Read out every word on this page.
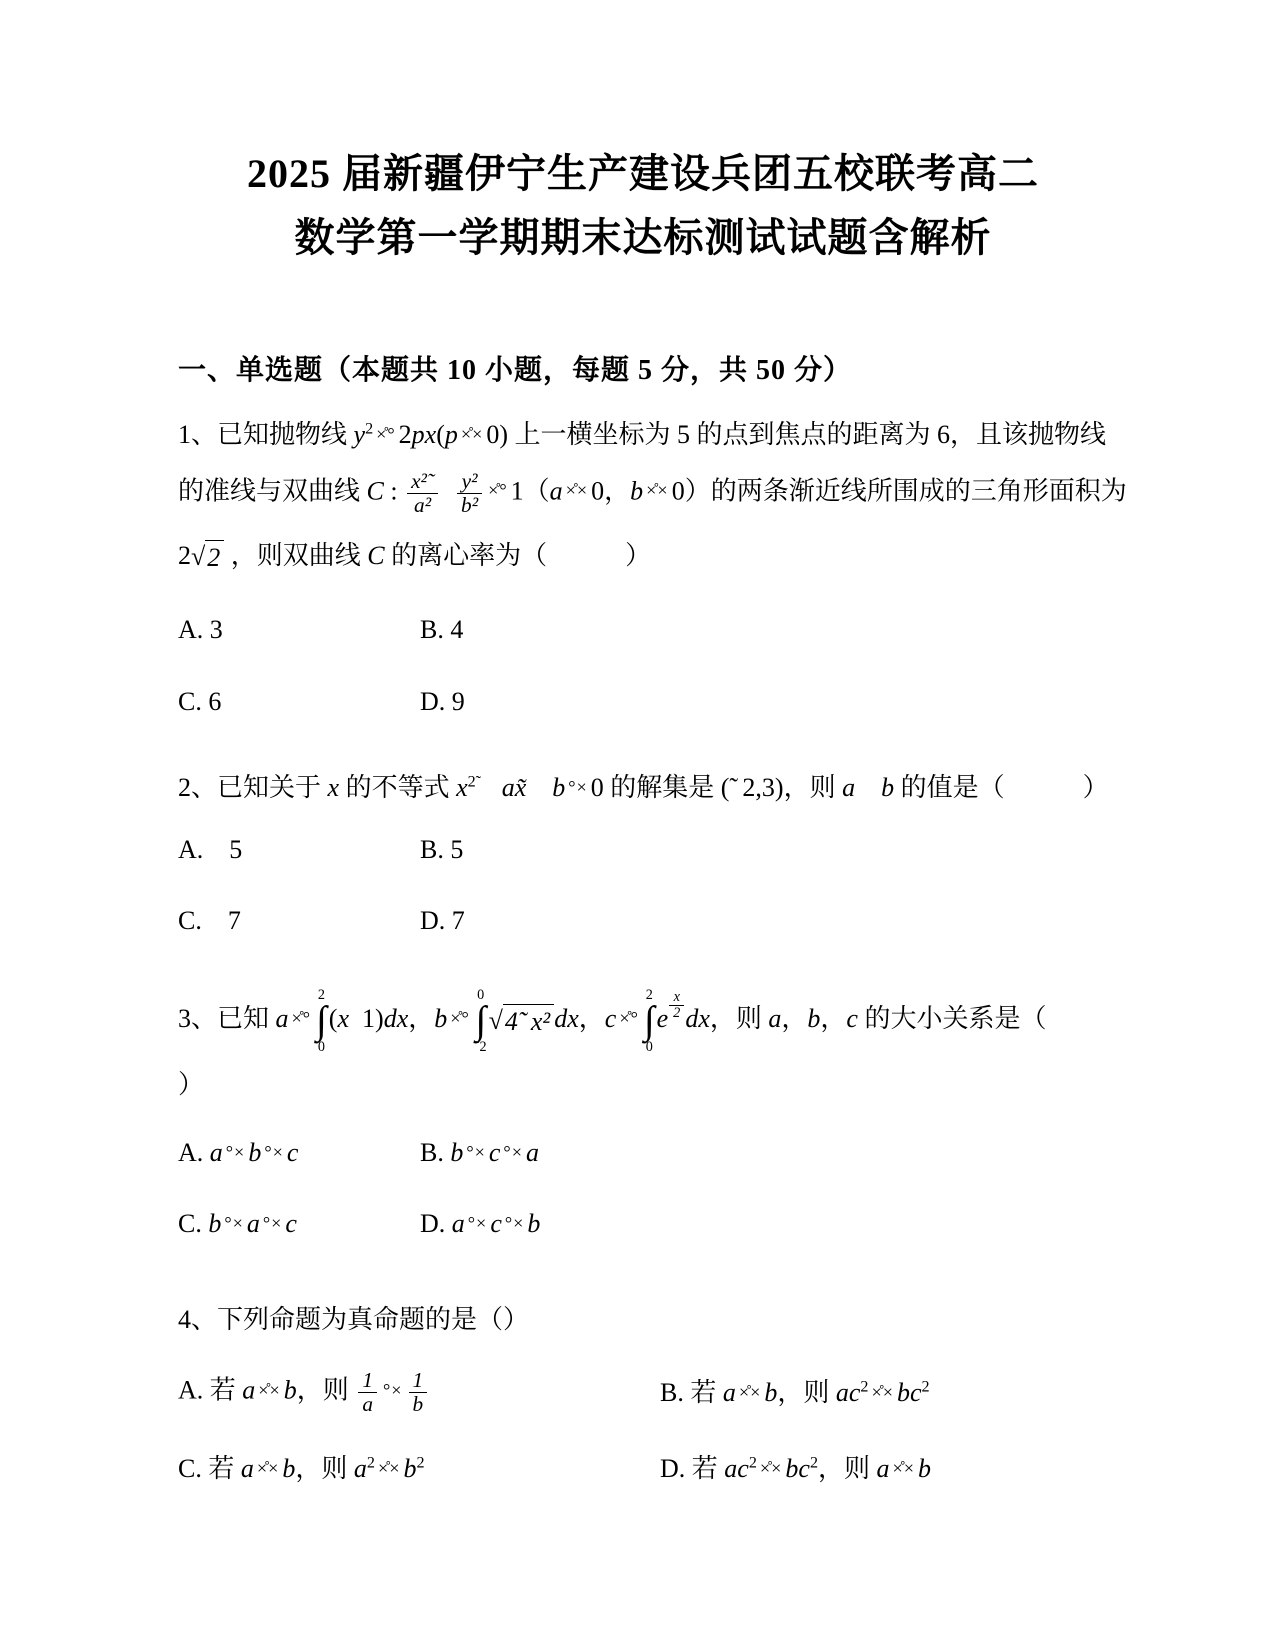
2025 届新疆伊宁生产建设兵团五校联考高二
数学第一学期期末达标测试试题含解析
一、单选题（本题共 10 小题，每题 5 分，共 50 分）
1、已知抛物线 $y^2$ ×̊° 2px(p ×̊× 0) 上一横坐标为 5 的点到焦点的距离为 6，且该抛物线
的准线与双曲线 C : $\frac{\text{x²˜}}{\text{a²}}$
  $\frac{\text{y²}}{\text{b²}}$ ×̊° 1（a ×̊× 0，b ×̊× 0）的两条渐近线所围成的三角形面积为
2 √ 2 ，则双曲线 C 的离心率为（   ）
A. 3	B. 4
C. 6	D. 9
2、已知关于 x 的不等式 $x^{2̃}$   ax̃   b °× 0 的解集是 (̃ 2,3)，则 a   b 的值是（   ）
A.  5	B. 5
C.  7	D. 7
3、已知 a ×̊°
2
∫
0
(x 1)dx，b ×̊°
0
∫
˜2
√ 4̃ x² dx，c ×̊°
2
∫
0
e $\frac{x}{2}$ dx，则 a，b，c 的大小关系是（
）
A. a °× b °× c	B. b °× c °× a
C. b °× a °× c	D. a °× c °× b
4、下列命题为真命题的是（）
A. 若 a ×̊× b，则 $\frac{1}{a}$ °× $\frac{1}{b}$	B. 若 a ×̊× b，则 $ac^2$ ×̊× $bc^2$
C. 若 a ×̊× b，则 $a^2$ ×̊× $b^2$	D. 若 $ac^2$ ×̊× $bc^2$，则 a ×̊× b
